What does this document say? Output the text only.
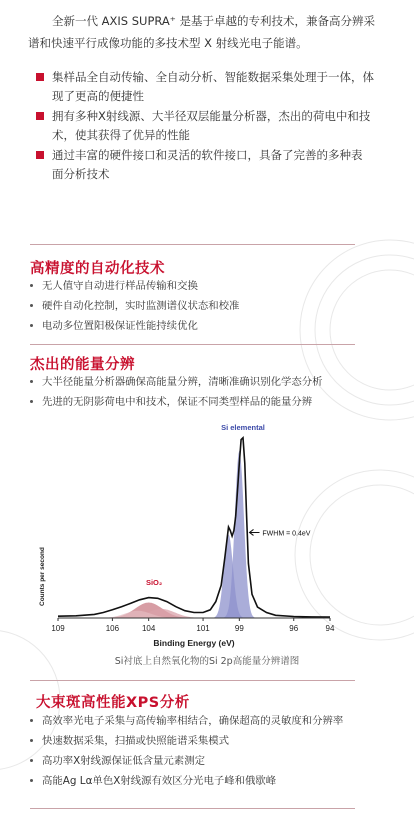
全新一代 AXIS SUPRA⁺ 是基于卓越的专利技术，兼备高分辨采

谱和快速平行成像功能的多技术型 X 射线光电子能谱。
集样品全自动传输、全自动分析、智能数据采集处理于一体，体
现了更高的便捷性
拥有多种X射线源、大半径双层能量分析器，杰出的荷电中和技
术，使其获得了优异的性能
通过丰富的硬件接口和灵活的软件接口，具备了完善的多种表
面分析技术
高精度的自动化技术
无人值守自动进行样品传输和交换
硬件自动化控制，实时监测谱仪状态和校准
电动多位置阳极保证性能持续优化
杰出的能量分辨
大半径能量分析器确保高能量分辨，清晰准确识别化学态分析
先进的无阴影荷电中和技术，保证不同类型样品的能量分辨
Si elemental
FWHM = 0.4eV
SiO₂
109	106	104	101	99	96	94
Binding Energy (eV)
Counts per second
Si衬底上自然氧化物的Si 2p高能量分辨谱图
大束斑高性能XPS分析
高效率光电子采集与高传输率相结合，确保超高的灵敏度和分辨率
快速数据采集，扫描或快照能谱采集模式
高功率X射线源保证低含量元素测定
高能Ag Lα单色X射线源有效区分光电子峰和俄歇峰
